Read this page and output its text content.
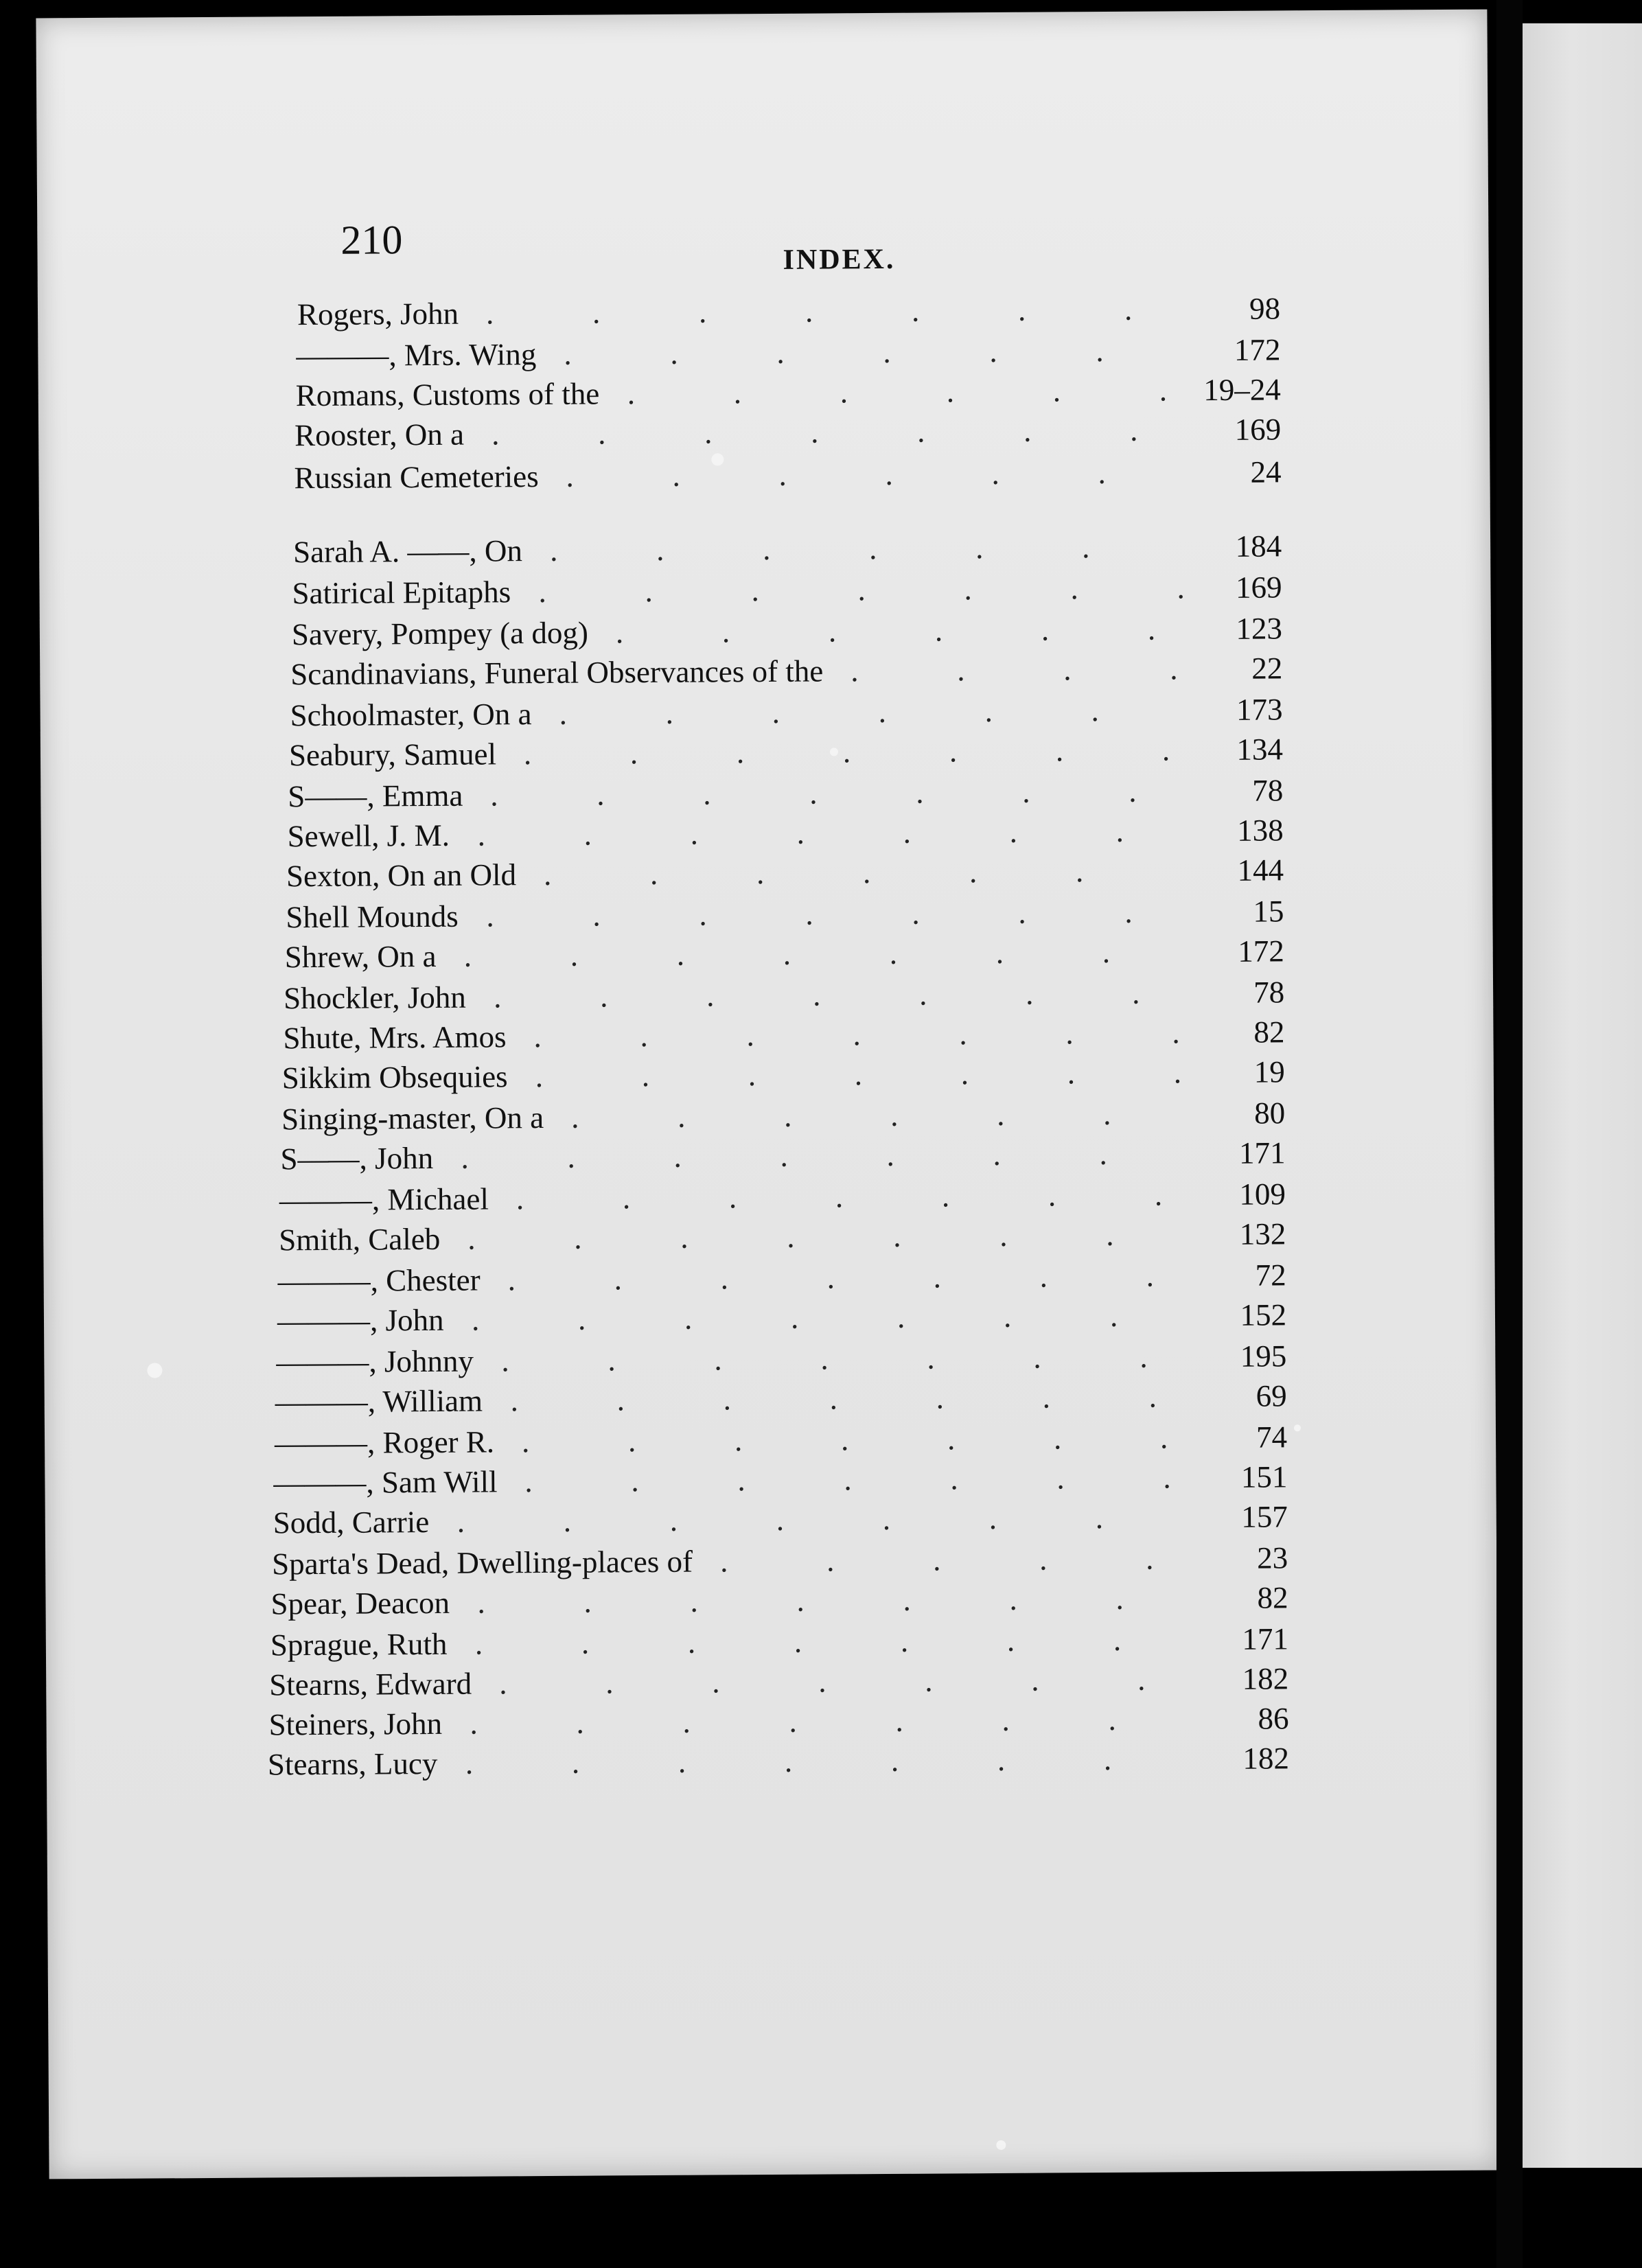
210	INDEX.
Rogers, John	98
.	.	.	.	.	.	.
———, Mrs. Wing	172
.	.	.	.	.	.
Romans, Customs of the	19–24
.	.	.	.	.	.
Rooster, On a	169
.	.	.	.	.	.	.
Russian Cemeteries	24
.	.	.	.	.	.
Sarah A. ——, On	184
.	.	.	.	.	.
Satirical Epitaphs	169
.	.	.	.	.	.	.
Savery, Pompey (a dog)	123
.	.	.	.	.	.
Scandinavians, Funeral Observances of the	22
.	.	.	.
Schoolmaster, On a	173
.	.	.	.	.	.
Seabury, Samuel	134
.	.	.	.	.	.	.
S——, Emma	78
.	.	.	.	.	.	.
Sewell, J. M.	138
.	.	.	.	.	.	.
Sexton, On an Old	144
.	.	.	.	.	.
Shell Mounds	15
.	.	.	.	.	.	.
Shrew, On a	172
.	.	.	.	.	.	.
Shockler, John	78
.	.	.	.	.	.	.
Shute, Mrs. Amos	82
.	.	.	.	.	.	.
Sikkim Obsequies	19
.	.	.	.	.	.	.
Singing-master, On a	80
.	.	.	.	.	.
S——, John	171
.	.	.	.	.	.	.
———, Michael	109
.	.	.	.	.	.	.
Smith, Caleb	132
.	.	.	.	.	.	.
———, Chester	72
.	.	.	.	.	.	.
———, John	152
.	.	.	.	.	.	.
———, Johnny	195
.	.	.	.	.	.	.
———, William	69
.	.	.	.	.	.	.
———, Roger R.	74
.	.	.	.	.	.	.
———, Sam Will	151
.	.	.	.	.	.	.
Sodd, Carrie	157
.	.	.	.	.	.	.
Sparta's Dead, Dwelling-places of	23
.	.	.	.	.
Spear, Deacon	82
.	.	.	.	.	.	.
Sprague, Ruth	171
.	.	.	.	.	.	.
Stearns, Edward	182
.	.	.	.	.	.	.
Steiners, John	86
.	.	.	.	.	.	.
Stearns, Lucy	182
.	.	.	.	.	.	.
